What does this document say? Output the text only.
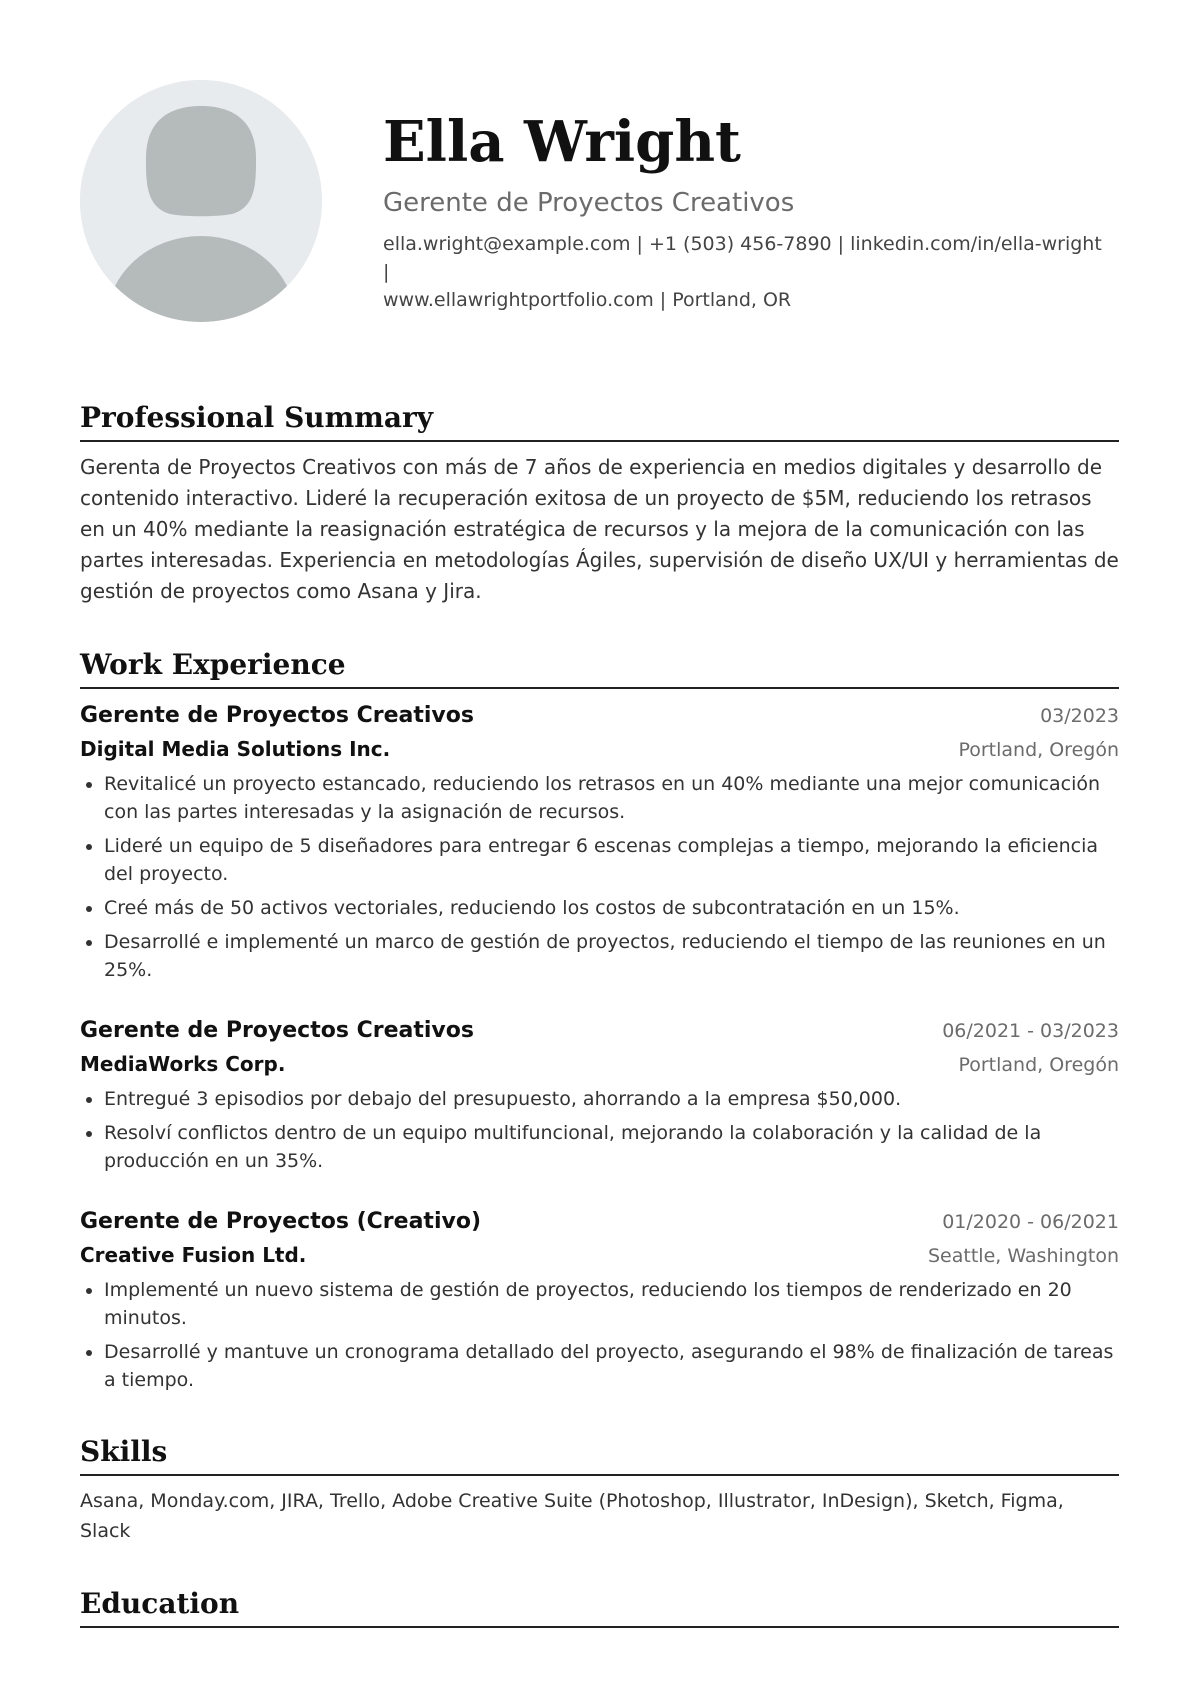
Ella Wright
Gerente de Proyectos Creativos
ella.wright@example.com | +1 (503) 456-7890 | linkedin.com/in/ella-wright |
www.ellawrightportfolio.com | Portland, OR
Professional Summary

Gerenta de Proyectos Creativos con más de 7 años de experiencia en medios digitales y desarrollo de contenido interactivo. Lideré la recuperación exitosa de un proyecto de $5M, reduciendo los retrasos en un 40% mediante la reasignación estratégica de recursos y la mejora de la comunicación con las partes interesadas. Experiencia en metodologías Ágiles, supervisión de diseño UX/UI y herramientas de gestión de proyectos como Asana y Jira.

Work Experience
Gerente de Proyectos Creativos	03/2023
Digital Media Solutions Inc.	Portland, Oregón
Revitalicé un proyecto estancado, reduciendo los retrasos en un 40% mediante una mejor comunicación con las partes interesadas y la asignación de recursos.
Lideré un equipo de 5 diseñadores para entregar 6 escenas complejas a tiempo, mejorando la eficiencia del proyecto.
Creé más de 50 activos vectoriales, reduciendo los costos de subcontratación en un 15%.
Desarrollé e implementé un marco de gestión de proyectos, reduciendo el tiempo de las reuniones en un 25%.
Gerente de Proyectos Creativos	06/2021 - 03/2023
MediaWorks Corp.	Portland, Oregón
Entregué 3 episodios por debajo del presupuesto, ahorrando a la empresa $50,000.
Resolví conflictos dentro de un equipo multifuncional, mejorando la colaboración y la calidad de la producción en un 35%.
Gerente de Proyectos (Creativo)	01/2020 - 06/2021
Creative Fusion Ltd.	Seattle, Washington
Implementé un nuevo sistema de gestión de proyectos, reduciendo los tiempos de renderizado en 20 minutos.
Desarrollé y mantuve un cronograma detallado del proyecto, asegurando el 98% de finalización de tareas a tiempo.
Skills

Asana, Monday.com, JIRA, Trello, Adobe Creative Suite (Photoshop, Illustrator, InDesign), Sketch, Figma, Slack

Education
